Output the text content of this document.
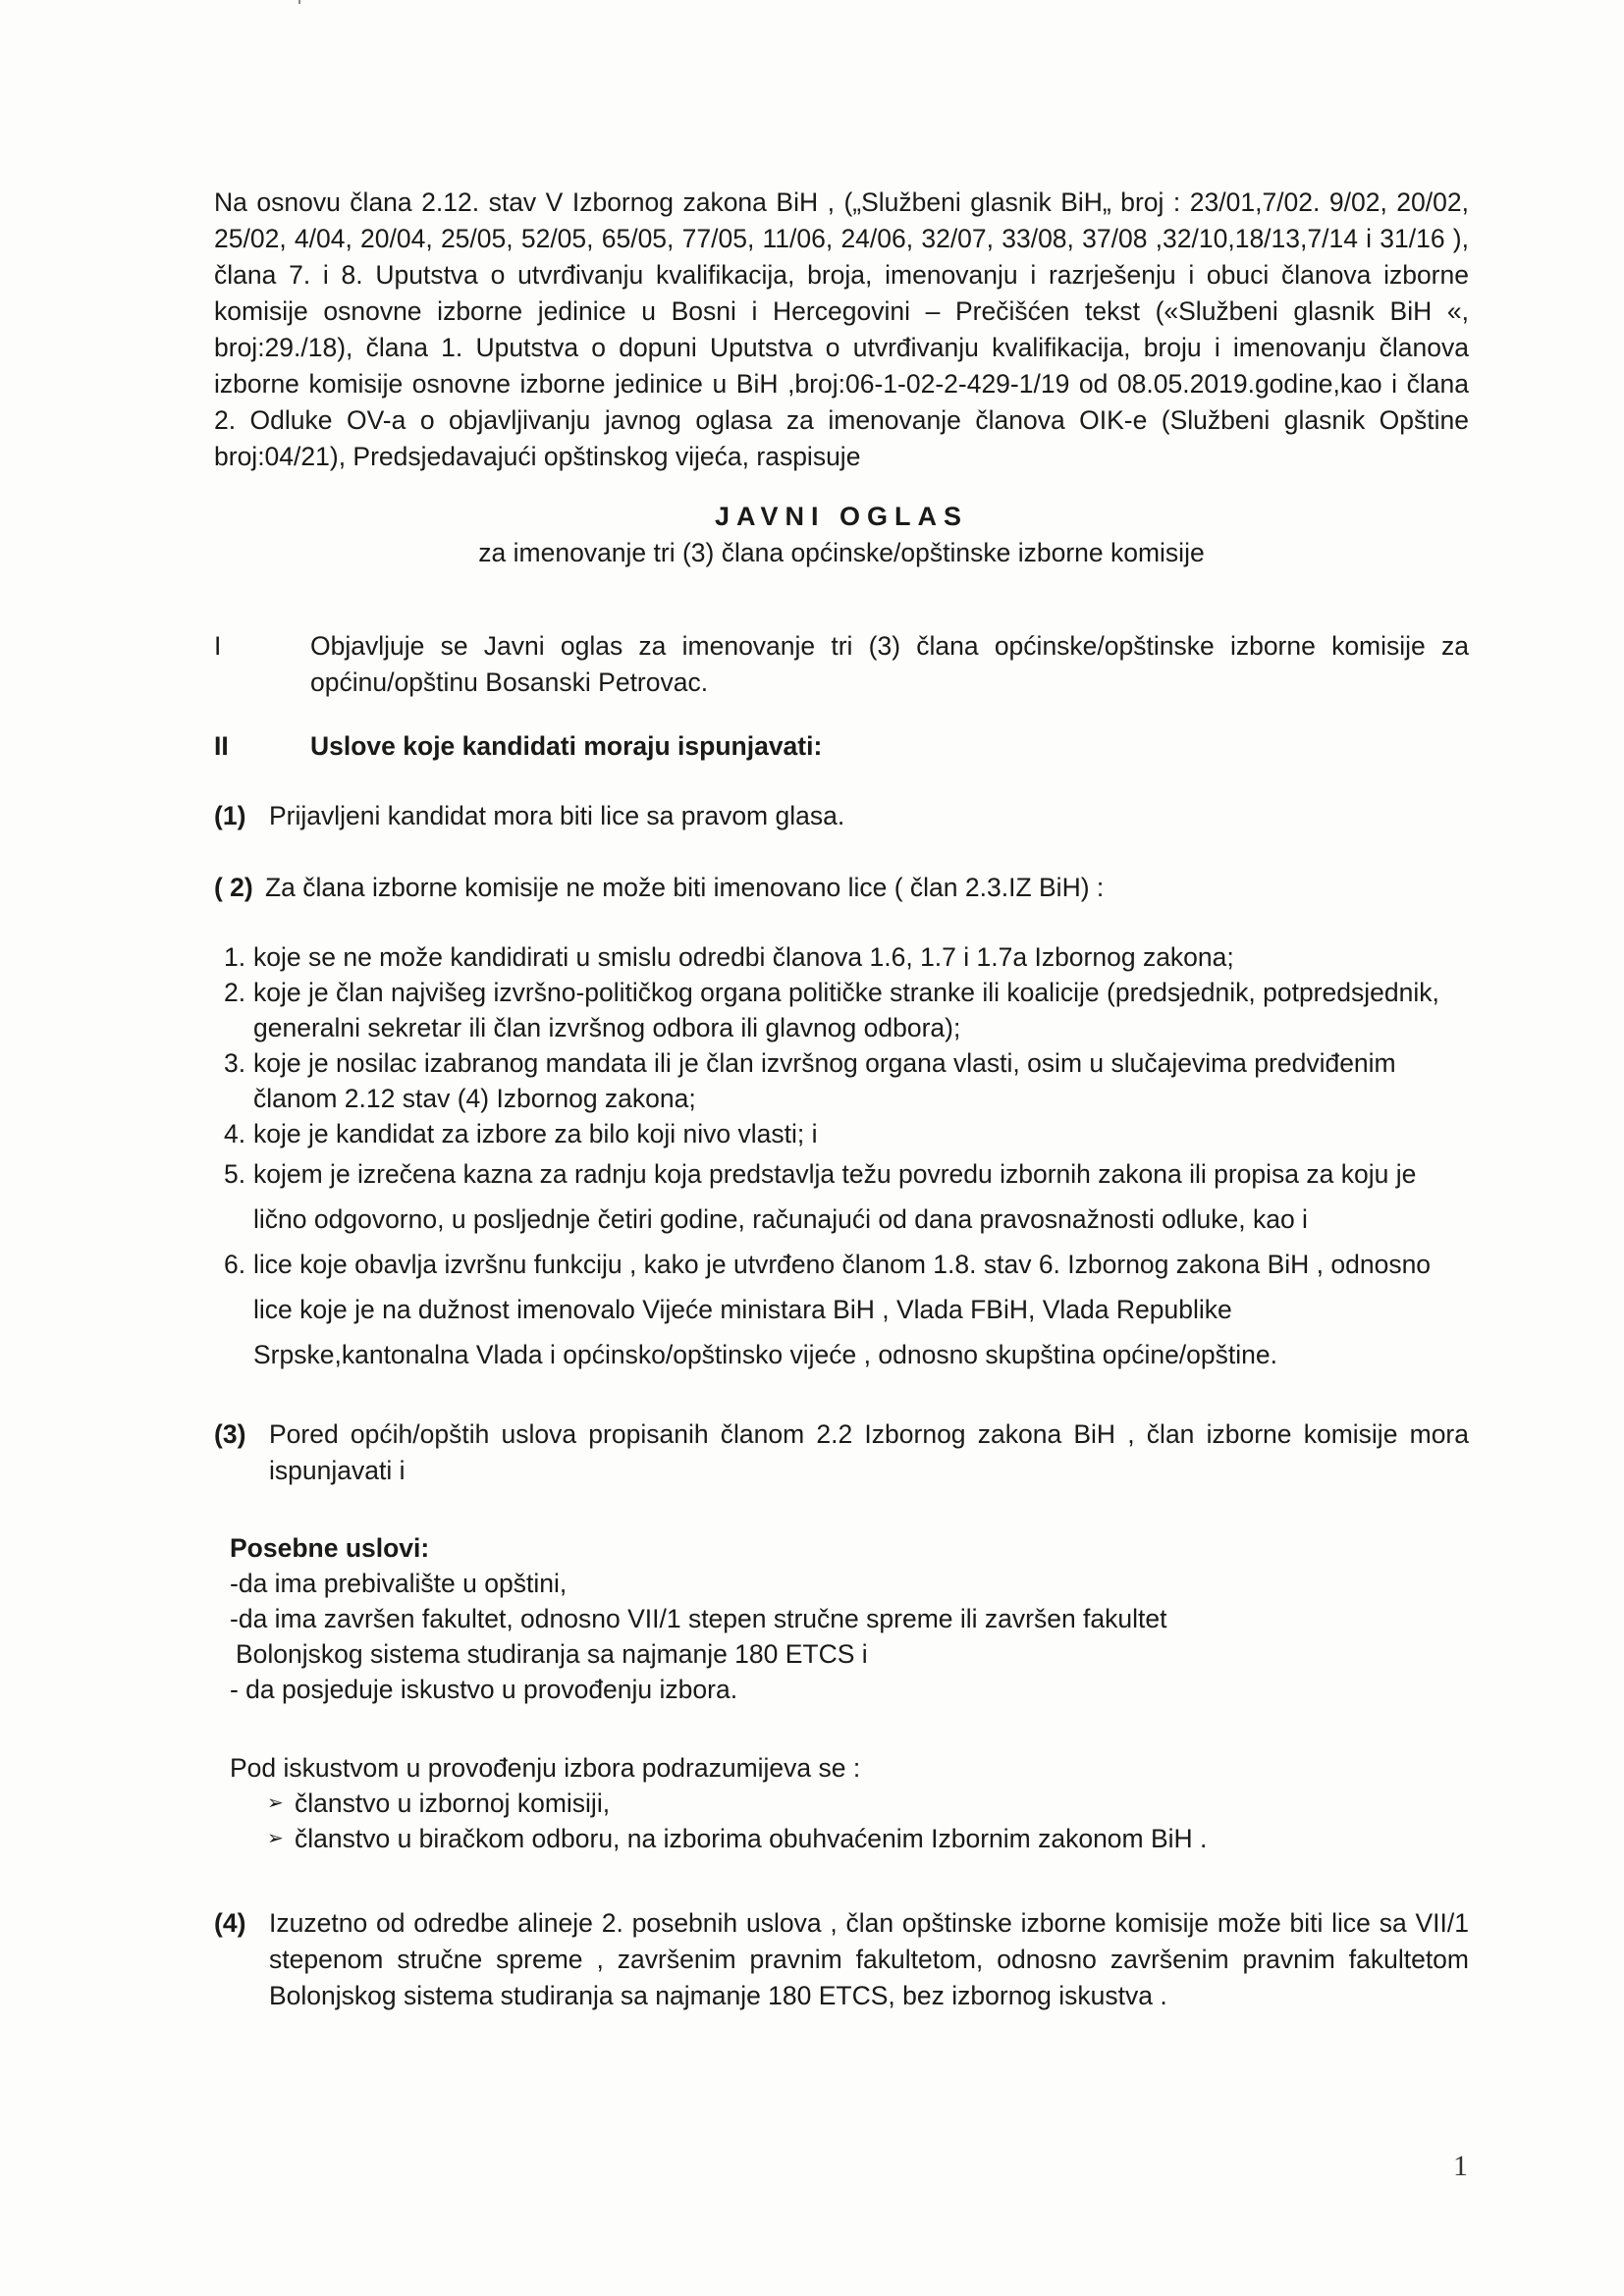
Na osnovu člana 2.12. stav V Izbornog zakona BiH , („Službeni glasnik BiH„ broj : 23/01,7/02. 9/02, 20/02, 25/02, 4/04, 20/04, 25/05, 52/05, 65/05, 77/05, 11/06, 24/06, 32/07, 33/08, 37/08 ,32/10,18/13,7/14 i 31/16 ), člana 7. i 8. Uputstva o utvrđivanju kvalifikacija, broja, imenovanju i razrješenju i obuci članova izborne komisije osnovne izborne jedinice u Bosni i Hercegovini – Prečišćen tekst («Službeni glasnik BiH «, broj:29./18), člana 1. Uputstva o dopuni Uputstva o utvrđivanju kvalifikacija, broju i imenovanju članova izborne komisije osnovne izborne jedinice u BiH ,broj:06-1-02-2-429-1/19 od 08.05.2019.godine,kao i člana 2. Odluke OV-a o objavljivanju javnog oglasa za imenovanje članova OIK-e (Službeni glasnik Opštine broj:04/21), Predsjedavajući opštinskog vijeća, raspisuje

JAVNI OGLAS
za imenovanje tri (3) člana općinske/opštinske izborne komisije
I	Objavljuje se Javni oglas za imenovanje tri (3) člana općinske/opštinske izborne komisije za općinu/opštinu Bosanski Petrovac.
II	Uslove koje kandidati moraju ispunjavati:
(1) Prijavljeni kandidat mora biti lice sa pravom glasa.
( 2) Za člana izborne komisije ne može biti imenovano lice ( član 2.3.IZ BiH) :
1. koje se ne može kandidirati u smislu odredbi članova 1.6, 1.7 i 1.7a Izbornog zakona;
2. koje je član najvišeg izvršno-političkog organa političke stranke ili koalicije (predsjednik, potpredsjednik, generalni sekretar ili član izvršnog odbora ili glavnog odbora);
3. koje je nosilac izabranog mandata ili je član izvršnog organa vlasti, osim u slučajevima predviđenim članom 2.12 stav (4) Izbornog zakona;
4. koje je kandidat za izbore za bilo koji nivo vlasti; i
5. kojem je izrečena kazna za radnju koja predstavlja težu povredu izbornih zakona ili propisa za koju je lično odgovorno, u posljednje četiri godine, računajući od dana pravosnažnosti odluke, kao i
6. lice koje obavlja izvršnu funkciju , kako je utvrđeno članom 1.8. stav 6. Izbornog zakona BiH , odnosno lice koje je na dužnost imenovalo Vijeće ministara BiH , Vlada FBiH, Vlada Republike Srpske,kantonalna Vlada i općinsko/opštinsko vijeće , odnosno skupština općine/opštine.
(3) Pored općih/opštih uslova propisanih članom 2.2 Izbornog zakona BiH , član izborne komisije mora ispunjavati i
Posebne uslovi:
-da ima prebivalište u opštini,
-da ima završen fakultet, odnosno VII/1 stepen stručne spreme ili završen fakultet
Bolonjskog sistema studiranja sa najmanje 180 ETCS i
- da posjeduje iskustvo u provođenju izbora.
Pod iskustvom u provođenju izbora podrazumijeva se :
➢ članstvo u izbornoj komisiji,
➢ članstvo u biračkom odboru, na izborima obuhvaćenim Izbornim zakonom BiH .
(4) Izuzetno od odredbe alineje 2. posebnih uslova , član opštinske izborne komisije može biti lice sa VII/1 stepenom stručne spreme , završenim pravnim fakultetom, odnosno završenim pravnim fakultetom Bolonjskog sistema studiranja sa najmanje 180 ETCS, bez izbornog iskustva .
1
